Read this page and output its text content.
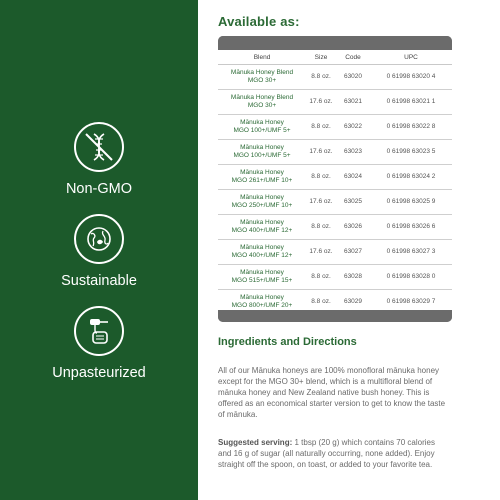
Non-GMO
Sustainable
Unpasteurized
Available as:
Blend	Size	Code	UPC
Mānuka Honey Blend
MGO 30+	8.8 oz.	63020	0 61998 63020 4
Mānuka Honey Blend
MGO 30+	17.6 oz.	63021	0 61998 63021 1
Mānuka Honey
MGO 100+/UMF 5+	8.8 oz.	63022	0 61998 63022 8
Mānuka Honey
MGO 100+/UMF 5+	17.6 oz.	63023	0 61998 63023 5
Mānuka Honey
MGO 261+/UMF 10+	8.8 oz.	63024	0 61998 63024 2
Mānuka Honey
MGO 250+/UMF 10+	17.6 oz.	63025	0 61998 63025 9
Mānuka Honey
MGO 400+/UMF 12+	8.8 oz.	63026	0 61998 63026 6
Mānuka Honey
MGO 400+/UMF 12+	17.6 oz.	63027	0 61998 63027 3
Mānuka Honey
MGO 515+/UMF 15+	8.8 oz.	63028	0 61998 63028 0
Mānuka Honey
MGO 800+/UMF 20+	8.8 oz.	63029	0 61998 63029 7
Ingredients and Directions
All of our Mānuka honeys are 100% monofloral mānuka honey except for the MGO 30+ blend, which is a multifloral blend of mānuka honey and New Zealand native bush honey. This is offered as an economical starter version to get to know the taste of mānuka.
Suggested serving: 1 tbsp (20 g) which contains 70 calories and 16 g of sugar (all naturally occurring, none added). Enjoy straight off the spoon, on toast, or added to your favorite tea.
